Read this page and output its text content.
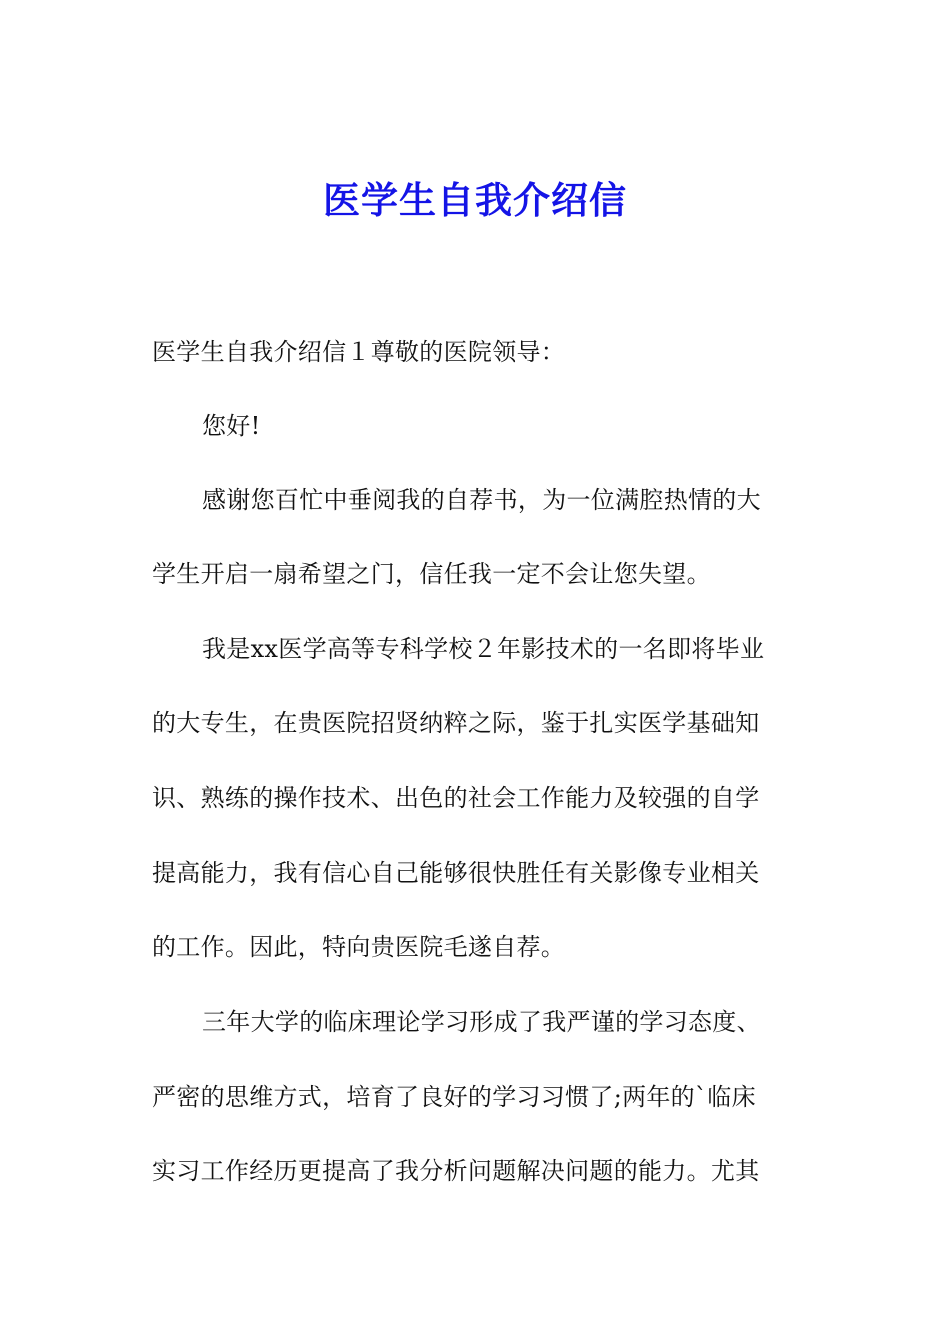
医学生自我介绍信
医学生自我介绍信１尊敬的医院领导：
您好!
感谢您百忙中垂阅我的自荐书，为一位满腔热情的大
学生开启一扇希望之门，信任我一定不会让您失望。
我是xx医学高等专科学校２年影技术的一名即将毕业
的大专生，在贵医院招贤纳粹之际，鉴于扎实医学基础知
识、熟练的操作技术、出色的社会工作能力及较强的自学
提高能力，我有信心自己能够很快胜任有关影像专业相关
的工作。因此，特向贵医院毛遂自荐。
三年大学的临床理论学习形成了我严谨的学习态度、
严密的思维方式，培育了良好的学习习惯了;两年的`临床
实习工作经历更提高了我分析问题解决问题的能力。尤其
